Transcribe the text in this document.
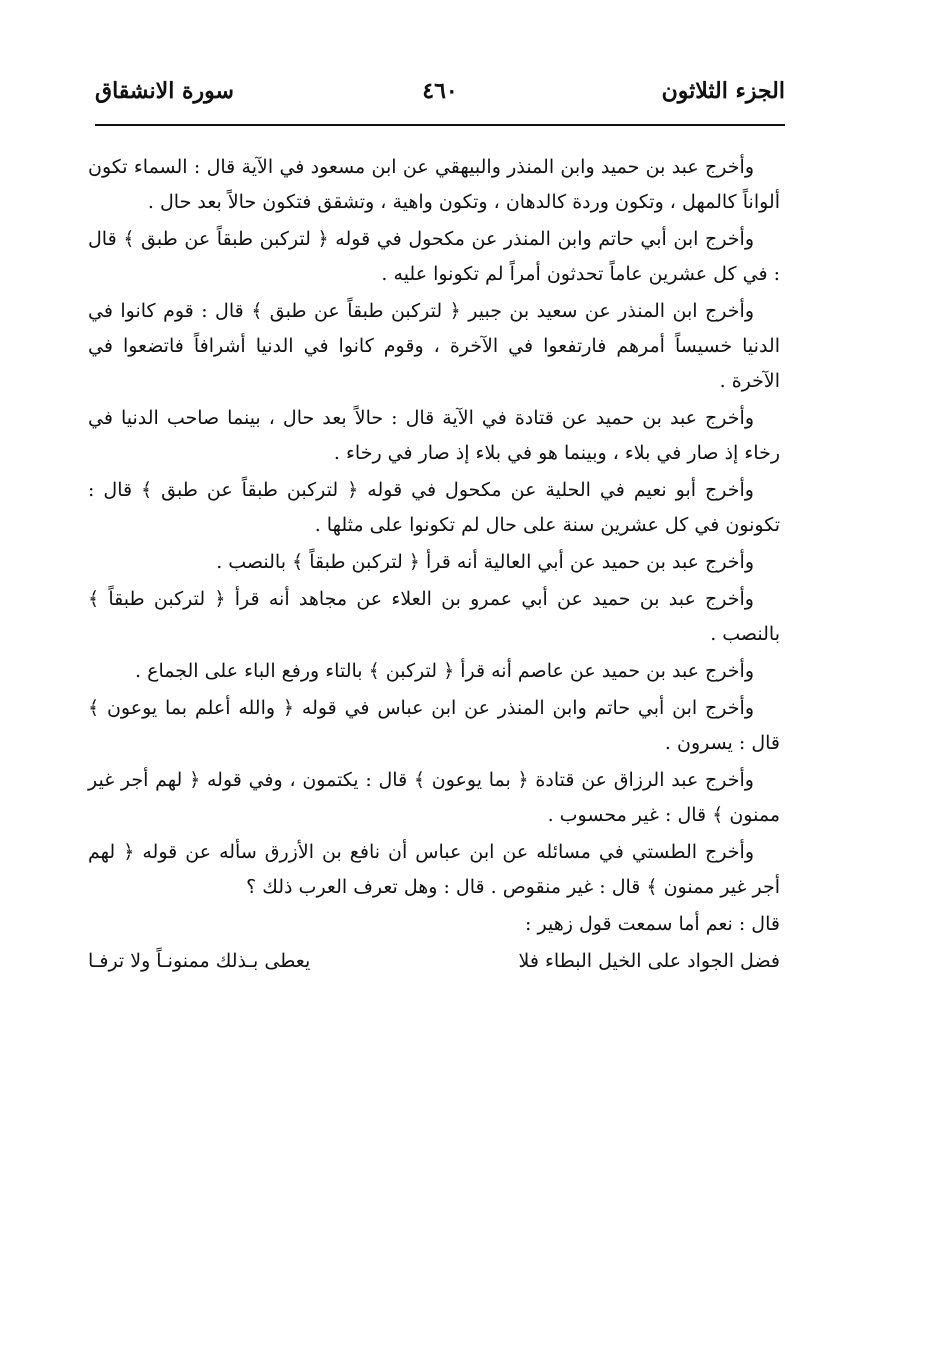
الجزء الثلاثون
٤٦٠
سورة الانشقاق

وأخرج عبد بن حميد وابن المنذر والبيهقي عن ابن مسعود في الآية قال : السماء تكون ألواناً كالمهل ، وتكون وردة كالدهان ، وتكون واهية ، وتشقق فتكون حالاً بعد حال .

وأخرج ابن أبي حاتم وابن المنذر عن مكحول في قوله ﴿ لتركبن طبقاً عن طبق ﴾ قال : في كل عشرين عاماً تحدثون أمراً لم تكونوا عليه .

وأخرج ابن المنذر عن سعيد بن جبير ﴿ لتركبن طبقاً عن طبق ﴾ قال : قوم كانوا في الدنيا خسيساً أمرهم فارتفعوا في الآخرة ، وقوم كانوا في الدنيا أشرافاً فاتضعوا في الآخرة .

وأخرج عبد بن حميد عن قتادة في الآية قال : حالاً بعد حال ، بينما صاحب الدنيا في رخاء إذ صار في بلاء ، وبينما هو في بلاء إذ صار في رخاء .

وأخرج أبو نعيم في الحلية عن مكحول في قوله ﴿ لتركبن طبقاً عن طبق ﴾ قال : تكونون في كل عشرين سنة على حال لم تكونوا على مثلها .

وأخرج عبد بن حميد عن أبي العالية أنه قرأ ﴿ لتركبن طبقاً ﴾ بالنصب .

وأخرج عبد بن حميد عن أبي عمرو بن العلاء عن مجاهد أنه قرأ ﴿ لتركبن طبقاً ﴾ بالنصب .

وأخرج عبد بن حميد عن عاصم أنه قرأ ﴿ لتركبن ﴾ بالتاء ورفع الباء على الجماع .

وأخرج ابن أبي حاتم وابن المنذر عن ابن عباس في قوله ﴿ والله أعلم بما يوعون ﴾ قال : يسرون .

وأخرج عبد الرزاق عن قتادة ﴿ بما يوعون ﴾ قال : يكتمون ، وفي قوله ﴿ لهم أجر غير ممنون ﴾ قال : غير محسوب .

وأخرج الطستي في مسائله عن ابن عباس أن نافع بن الأزرق سأله عن قوله ﴿ لهم أجر غير ممنون ﴾ قال : غير منقوص . قال : وهل تعرف العرب ذلك ؟

قال : نعم أما سمعت قول زهير :

فضل الجواد على الخيل البطاء فلا
يعطى بـذلك ممنونـاً ولا ترفـا
